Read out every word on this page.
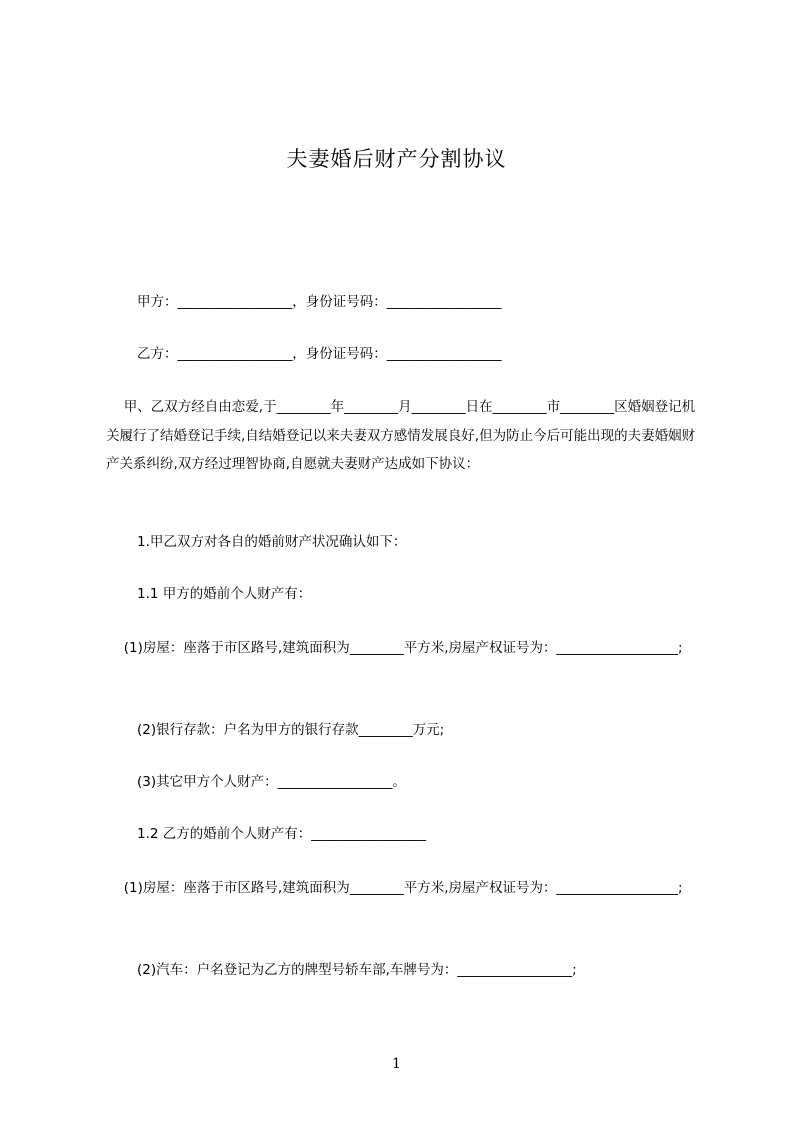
夫妻婚后财产分割协议
甲方：_________________，身份证号码：_________________
乙方：_________________，身份证号码：_________________
　 甲、乙双方经自由恋爱,于________年________月________日在________市________区婚姻登记机关履行了结婚登记手续,自结婚登记以来夫妻双方感情发展良好,但为防止今后可能出现的夫妻婚姻财产关系纠纷,双方经过理智协商,自愿就夫妻财产达成如下协议：
1.甲乙双方对各自的婚前财产状况确认如下：
1.1 甲方的婚前个人财产有：
　 (1)房屋：座落于市区路号,建筑面积为________平方米,房屋产权证号为：__________________;
(2)银行存款：户名为甲方的银行存款________万元;
(3)其它甲方个人财产：_________________。
1.2 乙方的婚前个人财产有：_________________
　 (1)房屋：座落于市区路号,建筑面积为________平方米,房屋产权证号为：__________________;
(2)汽车：户名登记为乙方的牌型号轿车部,车牌号为：_________________;
1
